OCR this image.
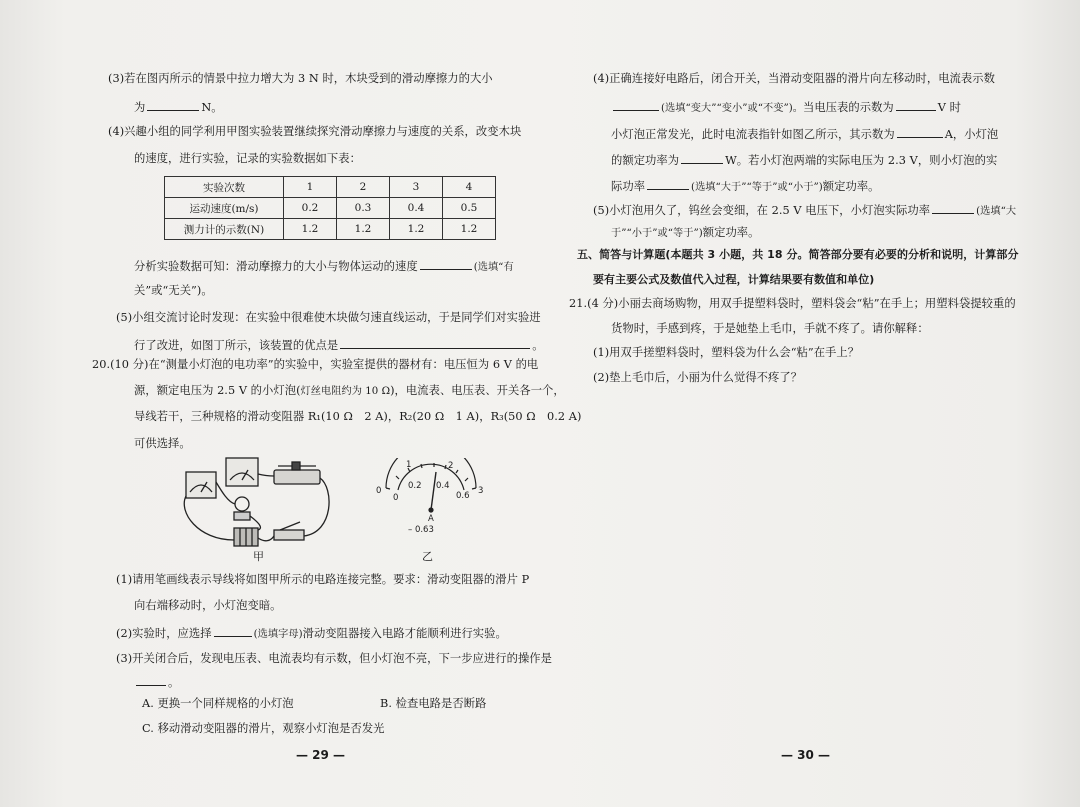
(3)若在图丙所示的情景中拉力增大为 3 N 时，木块受到的滑动摩擦力的大小
为	N。
(4)兴趣小组的同学利用甲图实验装置继续探究滑动摩擦力与速度的关系，改变木块
的速度，进行实验，记录的实验数据如下表：
实验次数	1	2	3	4
运动速度(m/s)	0.2	0.3	0.4	0.5
测力计的示数(N)	1.2	1.2	1.2	1.2
分析实验数据可知：滑动摩擦力的大小与物体运动的速度	(选填“有
关”或“无关”)。
(5)小组交流讨论时发现：在实验中很难使木块做匀速直线运动，于是同学们对实验进
行了改进，如图丁所示，该装置的优点是	。
20.(10 分)在“测量小灯泡的电功率”的实验中，实验室提供的器材有：电压恒为 6 V 的电
源，额定电压为 2.5 V 的小灯泡(灯丝电阻约为 10 Ω)，电流表、电压表、开关各一个，
导线若干，三种规格的滑动变阻器 R₁(10 Ω　2 A)，R₂(20 Ω　1 A)，R₃(50 Ω　0.2 A)
可供选择。
甲
1	2
0	3
0.2 0.4
0.6
0
A
– 0.63
乙
(1)请用笔画线表示导线将如图甲所示的电路连接完整。要求：滑动变阻器的滑片 P
向右端移动时，小灯泡变暗。
(2)实验时，应选择	(选填字母)滑动变阻器接入电路才能顺利进行实验。
(3)开关闭合后，发现电压表、电流表均有示数，但小灯泡不亮，下一步应进行的操作是
。
A. 更换一个同样规格的小灯泡	B. 检查电路是否断路
C. 移动滑动变阻器的滑片，观察小灯泡是否发光
— 29 —
(4)正确连接好电路后，闭合开关，当滑动变阻器的滑片向左移动时，电流表示数
(选填“变大”“变小”或“不变”)。当电压表的示数为	V 时
小灯泡正常发光，此时电流表指针如图乙所示，其示数为	A，小灯泡
的额定功率为	W。若小灯泡两端的实际电压为 2.3 V，则小灯泡的实
际功率	(选填“大于”“等于”或“小于”)额定功率。
(5)小灯泡用久了，钨丝会变细，在 2.5 V 电压下，小灯泡实际功率	(选填“大
于”“小于”或“等于”)额定功率。
五、简答与计算题(本题共 3 小题，共 18 分。简答部分要有必要的分析和说明，计算部分
要有主要公式及数值代入过程，计算结果要有数值和单位)
21.(4 分)小丽去商场购物，用双手提塑料袋时，塑料袋会“粘”在手上；用塑料袋提较重的
货物时，手感到疼，于是她垫上毛巾，手就不疼了。请你解释：
(1)用双手搓塑料袋时，塑料袋为什么会“粘”在手上？
(2)垫上毛巾后，小丽为什么觉得不疼了？
— 30 —
